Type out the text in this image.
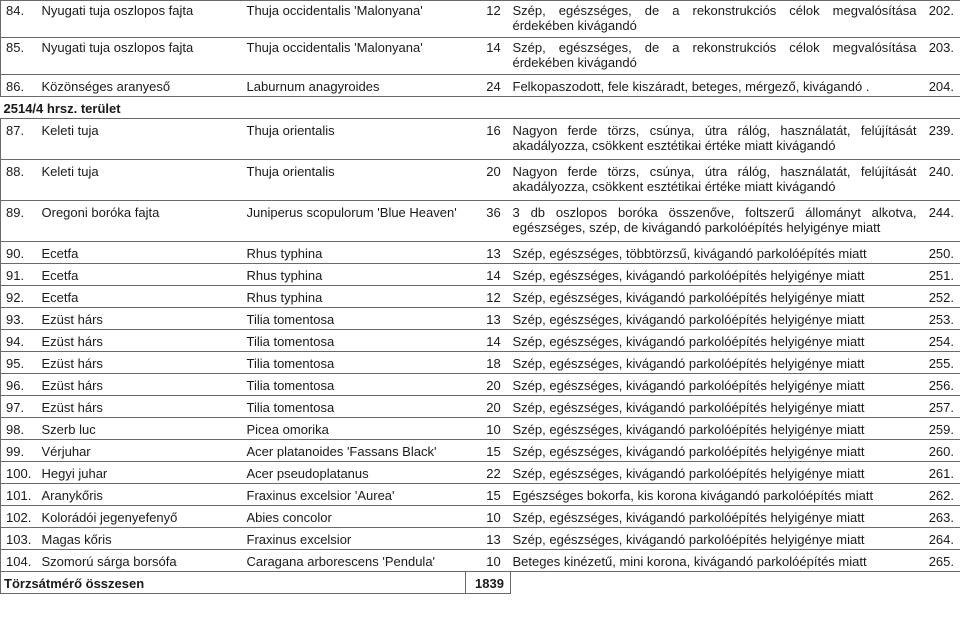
84.	Nyugati tuja oszlopos fajta	Thuja occidentalis 'Malonyana'	12	Szép, egészséges, de a rekonstrukciós célok megvalósítása érdekében kivágandó	202.
85.	Nyugati tuja oszlopos fajta	Thuja occidentalis 'Malonyana'	14	Szép, egészséges, de a rekonstrukciós célok megvalósítása érdekében kivágandó	203.
86.	Közönséges aranyeső	Laburnum anagyroides	24	Felkopaszodott, fele kiszáradt, beteges, mérgező, kivágandó .	204.
2514/4 hrsz. terület					
87.	Keleti tuja	Thuja orientalis	16	Nagyon ferde törzs, csúnya, útra rálóg, használatát, felújítását akadályozza, csökkent esztétikai értéke miatt kivágandó	239.
88.	Keleti tuja	Thuja orientalis	20	Nagyon ferde törzs, csúnya, útra rálóg, használatát, felújítását akadályozza, csökkent esztétikai értéke miatt kivágandó	240.
89.	Oregoni boróka fajta	Juniperus scopulorum 'Blue Heaven'	36	3 db oszlopos boróka összenőve, foltszerű állományt alkotva, egészséges, szép, de kivágandó parkolóépítés helyigénye miatt	244.
90.	Ecetfa	Rhus typhina	13	Szép, egészséges, többtörzsű, kivágandó parkolóépítés miatt	250.
91.	Ecetfa	Rhus typhina	14	Szép, egészséges, kivágandó parkolóépítés helyigénye miatt	251.
92.	Ecetfa	Rhus typhina	12	Szép, egészséges, kivágandó parkolóépítés helyigénye miatt	252.
93.	Ezüst hárs	Tilia tomentosa	13	Szép, egészséges, kivágandó parkolóépítés helyigénye miatt	253.
94.	Ezüst hárs	Tilia tomentosa	14	Szép, egészséges, kivágandó parkolóépítés helyigénye miatt	254.
95.	Ezüst hárs	Tilia tomentosa	18	Szép, egészséges, kivágandó parkolóépítés helyigénye miatt	255.
96.	Ezüst hárs	Tilia tomentosa	20	Szép, egészséges, kivágandó parkolóépítés helyigénye miatt	256.
97.	Ezüst hárs	Tilia tomentosa	20	Szép, egészséges, kivágandó parkolóépítés helyigénye miatt	257.
98.	Szerb luc	Picea omorika	10	Szép, egészséges, kivágandó parkolóépítés helyigénye miatt	259.
99.	Vérjuhar	Acer platanoides 'Fassans Black'	15	Szép, egészséges, kivágandó parkolóépítés helyigénye miatt	260.
100.	Hegyi juhar	Acer pseudoplatanus	22	Szép, egészséges, kivágandó parkolóépítés helyigénye miatt	261.
101.	Aranykőris	Fraxinus excelsior 'Aurea'	15	Egészséges bokorfa, kis korona kivágandó parkolóépítés miatt	262.
102.	Kolorádói jegenyefenyő	Abies concolor	10	Szép, egészséges, kivágandó parkolóépítés helyigénye miatt	263.
103.	Magas kőris	Fraxinus excelsior	13	Szép, egészséges, kivágandó parkolóépítés helyigénye miatt	264.
104.	Szomorú sárga borsófa	Caragana arborescens 'Pendula'	10	Beteges kinézetű, mini korona, kivágandó parkolóépítés miatt	265.
Törzsátmérő összesen			1839		
